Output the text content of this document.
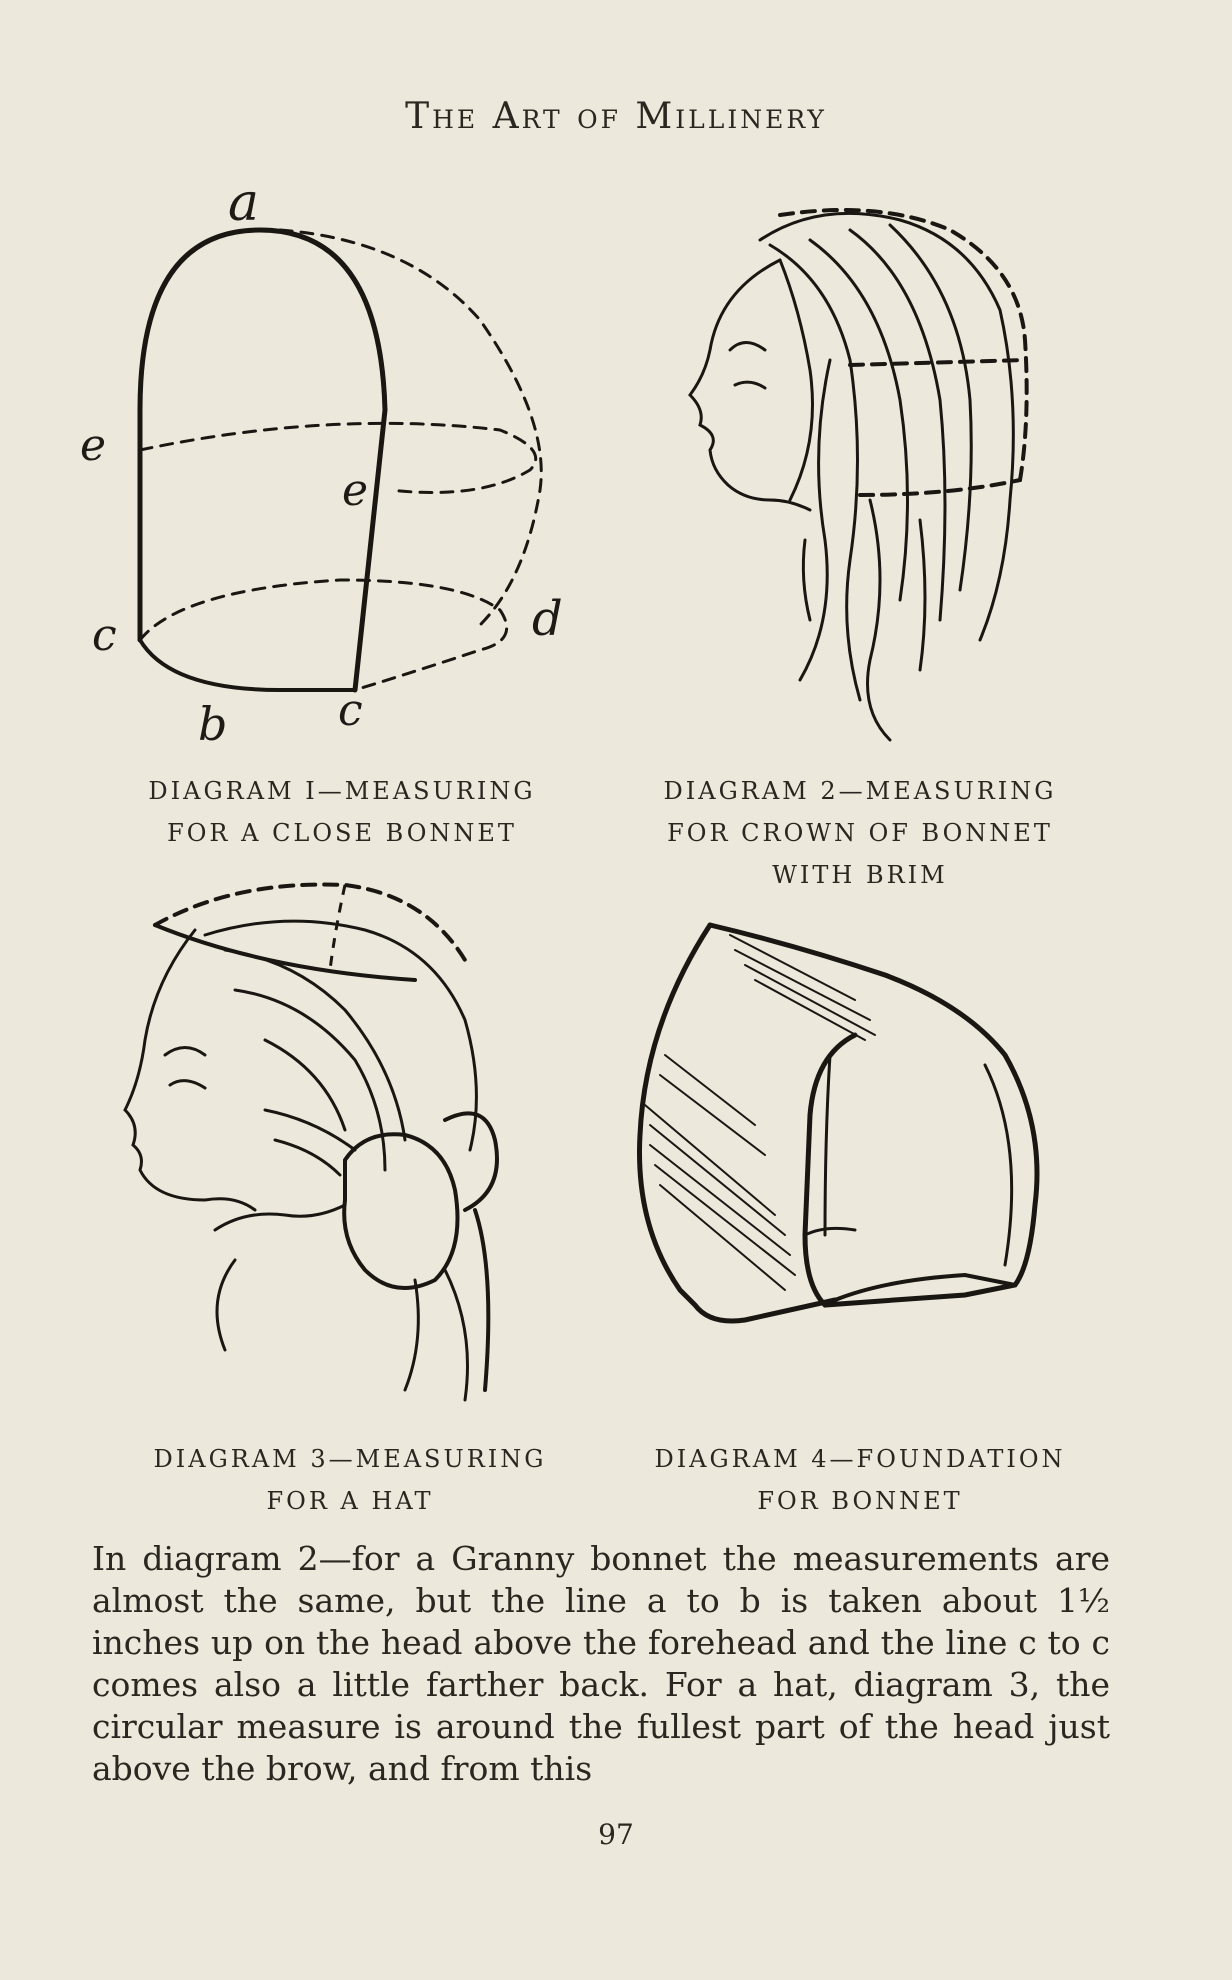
The Art of Millinery
a
e
e
c
b	c
d
DIAGRAM I—MEASURING
FOR A CLOSE BONNET
DIAGRAM 2—MEASURING
FOR CROWN OF BONNET
WITH BRIM
DIAGRAM 3—MEASURING
FOR A HAT
DIAGRAM 4—FOUNDATION
FOR BONNET
In diagram 2—for a Granny bonnet the measurements are almost the same, but the line a to b is taken about 1½ inches up on the head above the forehead and the line c to c comes also a little farther back. For a hat, diagram 3, the circular measure is around the fullest part of the head just above the brow, and from this
97
